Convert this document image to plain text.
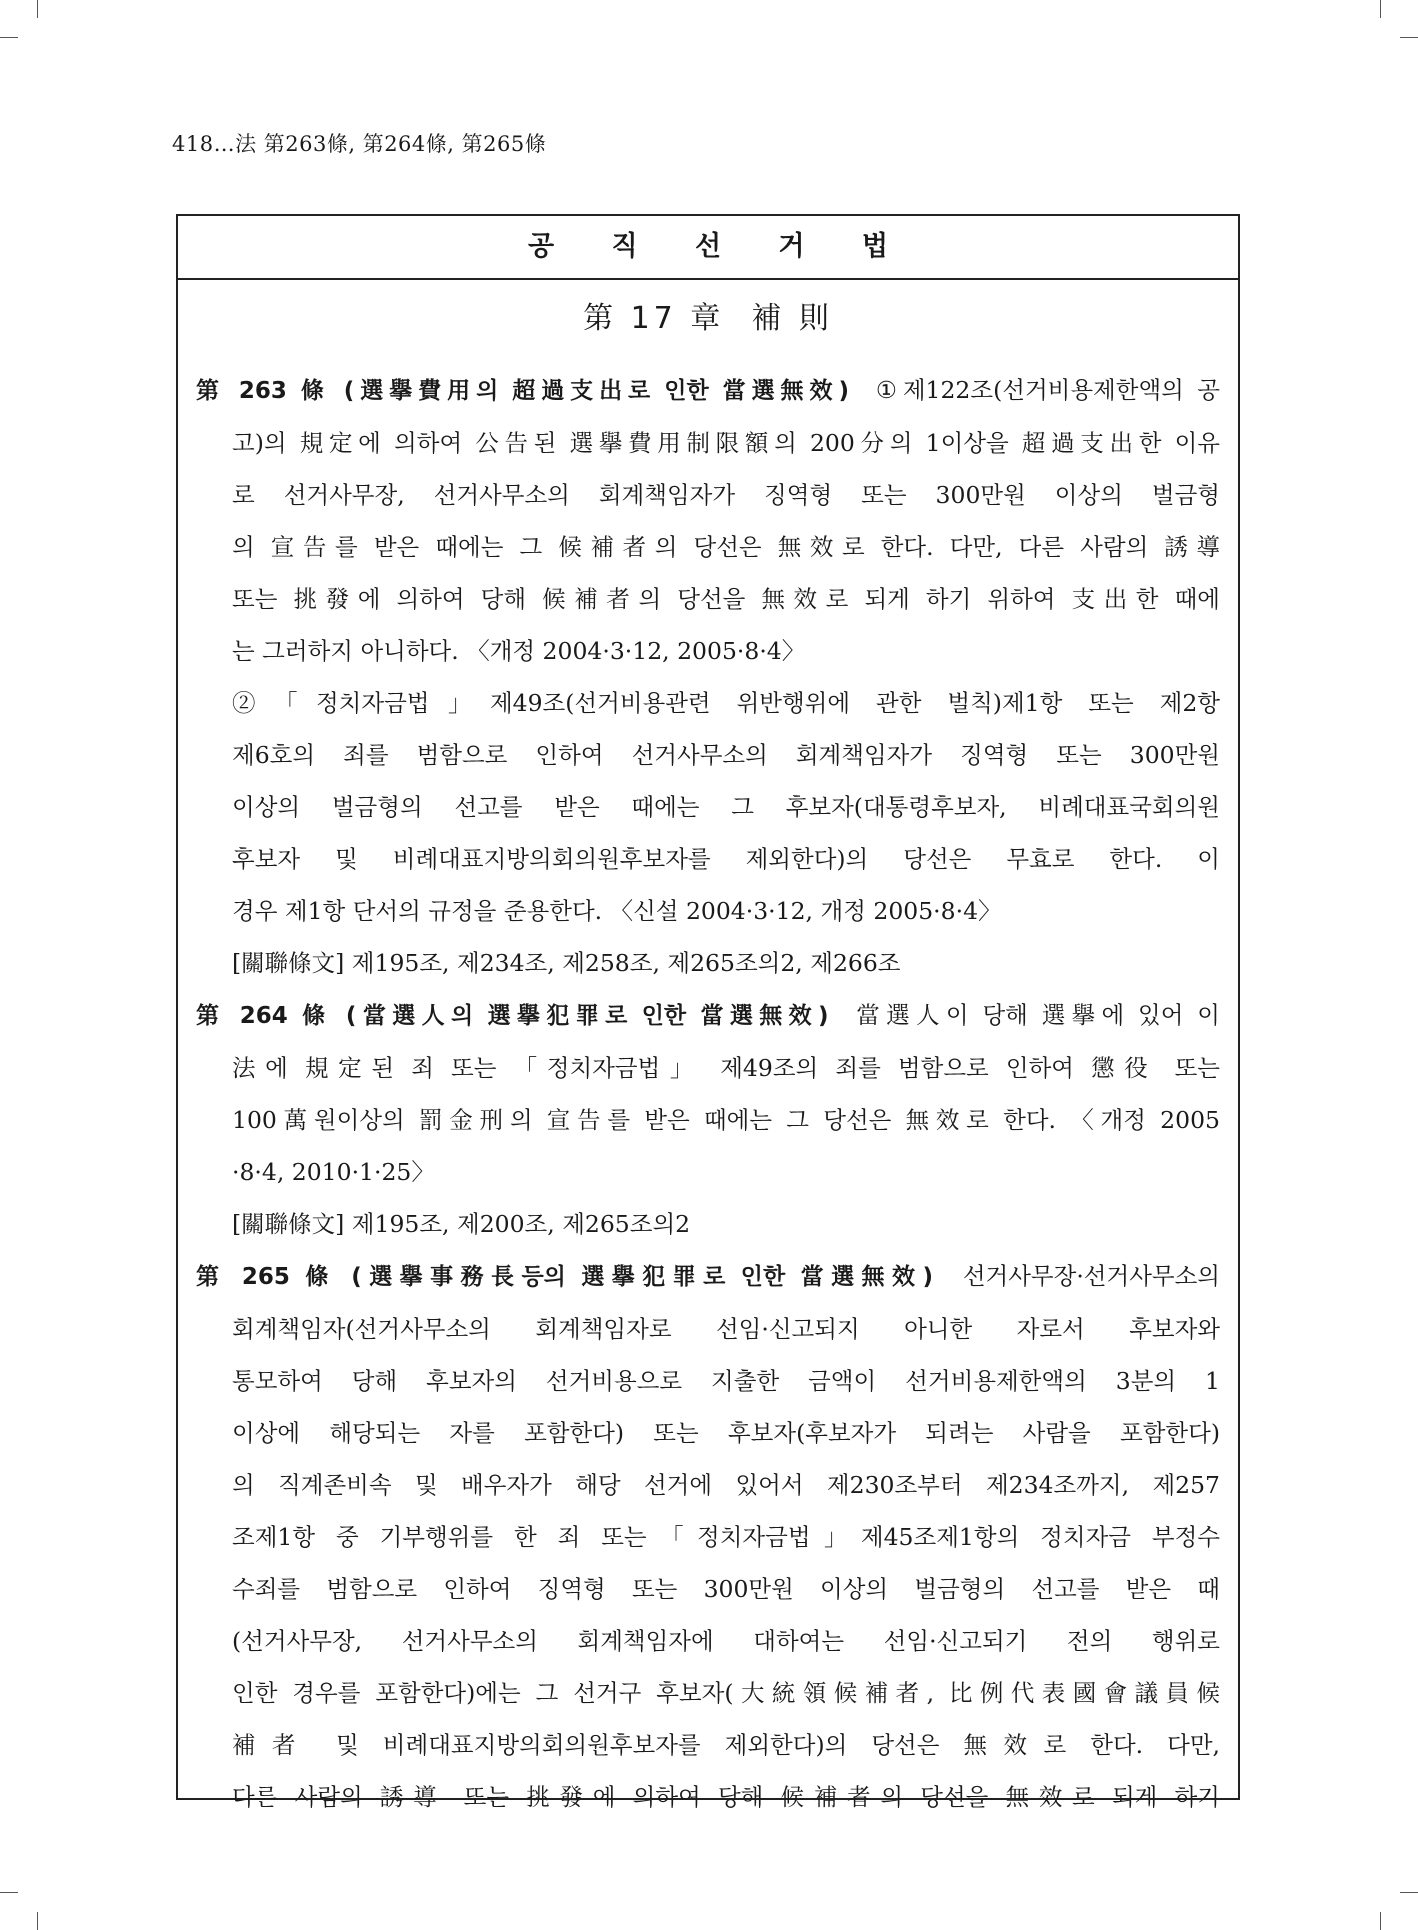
418…法 第263條, 第264條, 第265條
공 직 선 거 법
第 17 章  補 則
第 263 條 (選擧費用의 超過支出로 인한 當選無效) ①제122조(선거비용제한액의 공
고)의 規定에 의하여 公告된 選擧費用制限額의 200分의 1이상을 超過支出한 이유
로 선거사무장, 선거사무소의 회계책임자가 징역형 또는 300만원 이상의 벌금형
의 宣告를 받은 때에는 그 候補者의 당선은 無效로 한다. 다만, 다른 사람의 誘導
또는 挑發에 의하여 당해 候補者의 당선을 無效로 되게 하기 위하여 支出한 때에
는 그러하지 아니하다. 〈개정 2004·3·12, 2005·8·4〉
②「정치자금법」제49조(선거비용관련 위반행위에 관한 벌칙)제1항 또는 제2항
제6호의 죄를 범함으로 인하여 선거사무소의 회계책임자가 징역형 또는 300만원
이상의 벌금형의 선고를 받은 때에는 그 후보자(대통령후보자, 비례대표국회의원
후보자 및 비례대표지방의회의원후보자를 제외한다)의 당선은 무효로 한다. 이
경우 제1항 단서의 규정을 준용한다. 〈신설 2004·3·12, 개정 2005·8·4〉
[關聯條文] 제195조, 제234조, 제258조, 제265조의2, 제266조
第 264 條 (當選人의 選擧犯罪로 인한 當選無效) 當選人이 당해 選擧에 있어 이
法에 規定된 죄 또는 「정치자금법」 제49조의 죄를 범함으로 인하여 懲役 또는
100萬원이상의 罰金刑의 宣告를 받은 때에는 그 당선은 無效로 한다. 〈개정 2005
·8·4, 2010·1·25〉
[關聯條文] 제195조, 제200조, 제265조의2
第 265 條 (選擧事務長등의 選擧犯罪로 인한 當選無效) 선거사무장·선거사무소의
회계책임자(선거사무소의 회계책임자로 선임·신고되지 아니한 자로서 후보자와
통모하여 당해 후보자의 선거비용으로 지출한 금액이 선거비용제한액의 3분의 1
이상에 해당되는 자를 포함한다) 또는 후보자(후보자가 되려는 사람을 포함한다)
의 직계존비속 및 배우자가 해당 선거에 있어서 제230조부터 제234조까지, 제257
조제1항 중 기부행위를 한 죄 또는「정치자금법」제45조제1항의 정치자금 부정수
수죄를 범함으로 인하여 징역형 또는 300만원 이상의 벌금형의 선고를 받은 때
(선거사무장, 선거사무소의 회계책임자에 대하여는 선임·신고되기 전의 행위로
인한 경우를 포함한다)에는 그 선거구 후보자(大統領候補者, 比例代表國會議員候
補者 및 비례대표지방의회의원후보자를 제외한다)의 당선은 無效로 한다. 다만,
다른 사람의 誘導 또는 挑發에 의하여 당해 候補者의 당선을 無效로 되게 하기
